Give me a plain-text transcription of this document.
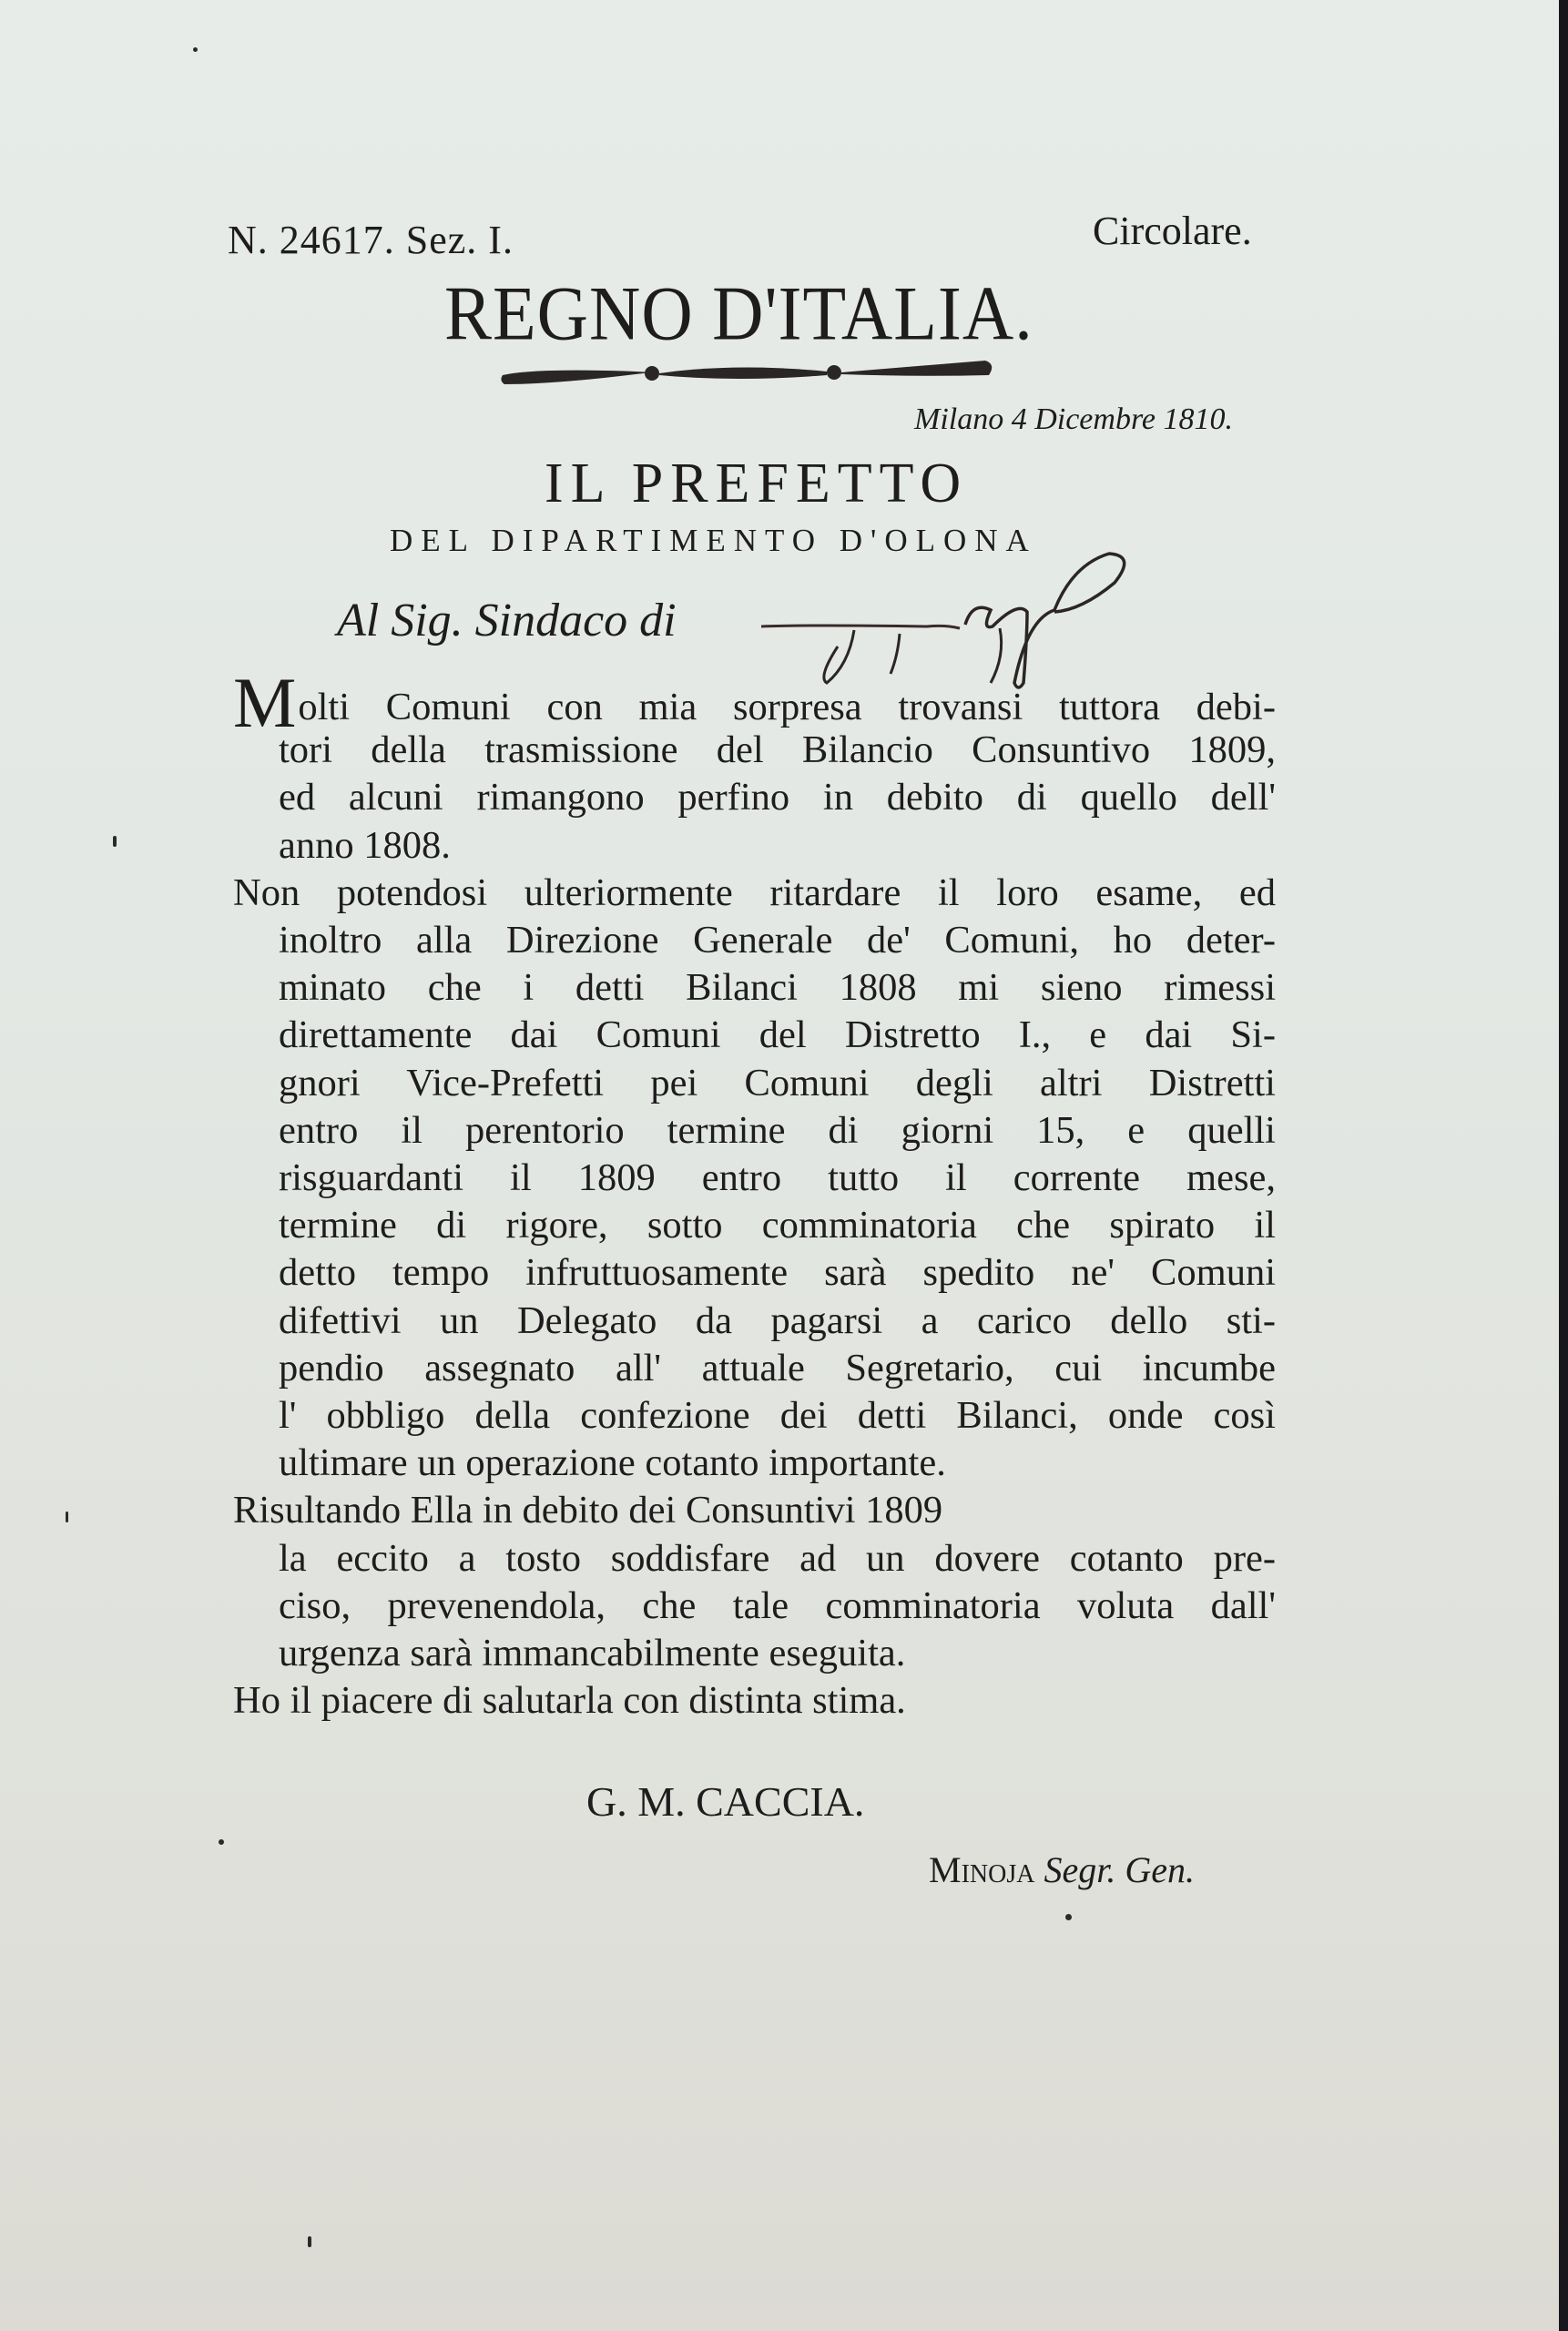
N. 24617. Sez. I.	Circolare.
REGNO D'ITALIA.
Milano 4 Dicembre 1810.
IL PREFETTO
DEL DIPARTIMENTO D'OLONA
Al Sig. Sindaco di
Molti Comuni con mia sorpresa trovansi tuttora debi-
tori della trasmissione del Bilancio Consuntivo 1809,
ed alcuni rimangono perfino in debito di quello dell'
anno 1808.
Non potendosi ulteriormente ritardare il loro esame, ed
inoltro alla Direzione Generale de' Comuni, ho deter-
minato che i detti Bilanci 1808 mi sieno rimessi
direttamente dai Comuni del Distretto I., e dai Si-
gnori Vice-Prefetti pei Comuni degli altri Distretti
entro il perentorio termine di giorni 15, e quelli
risguardanti il 1809 entro tutto il corrente mese,
termine di rigore, sotto comminatoria che spirato il
detto tempo infruttuosamente sarà spedito ne' Comuni
difettivi un Delegato da pagarsi a carico dello sti-
pendio assegnato all' attuale Segretario, cui incumbe
l' obbligo della confezione dei detti Bilanci, onde così
ultimare un operazione cotanto importante.
Risultando Ella in debito dei Consuntivi 1809
la eccito a tosto soddisfare ad un dovere cotanto pre-
ciso, prevenendola, che tale comminatoria voluta dall'
urgenza sarà immancabilmente eseguita.
Ho il piacere di salutarla con distinta stima.
G. M. CACCIA.
Minoja Segr. Gen.
